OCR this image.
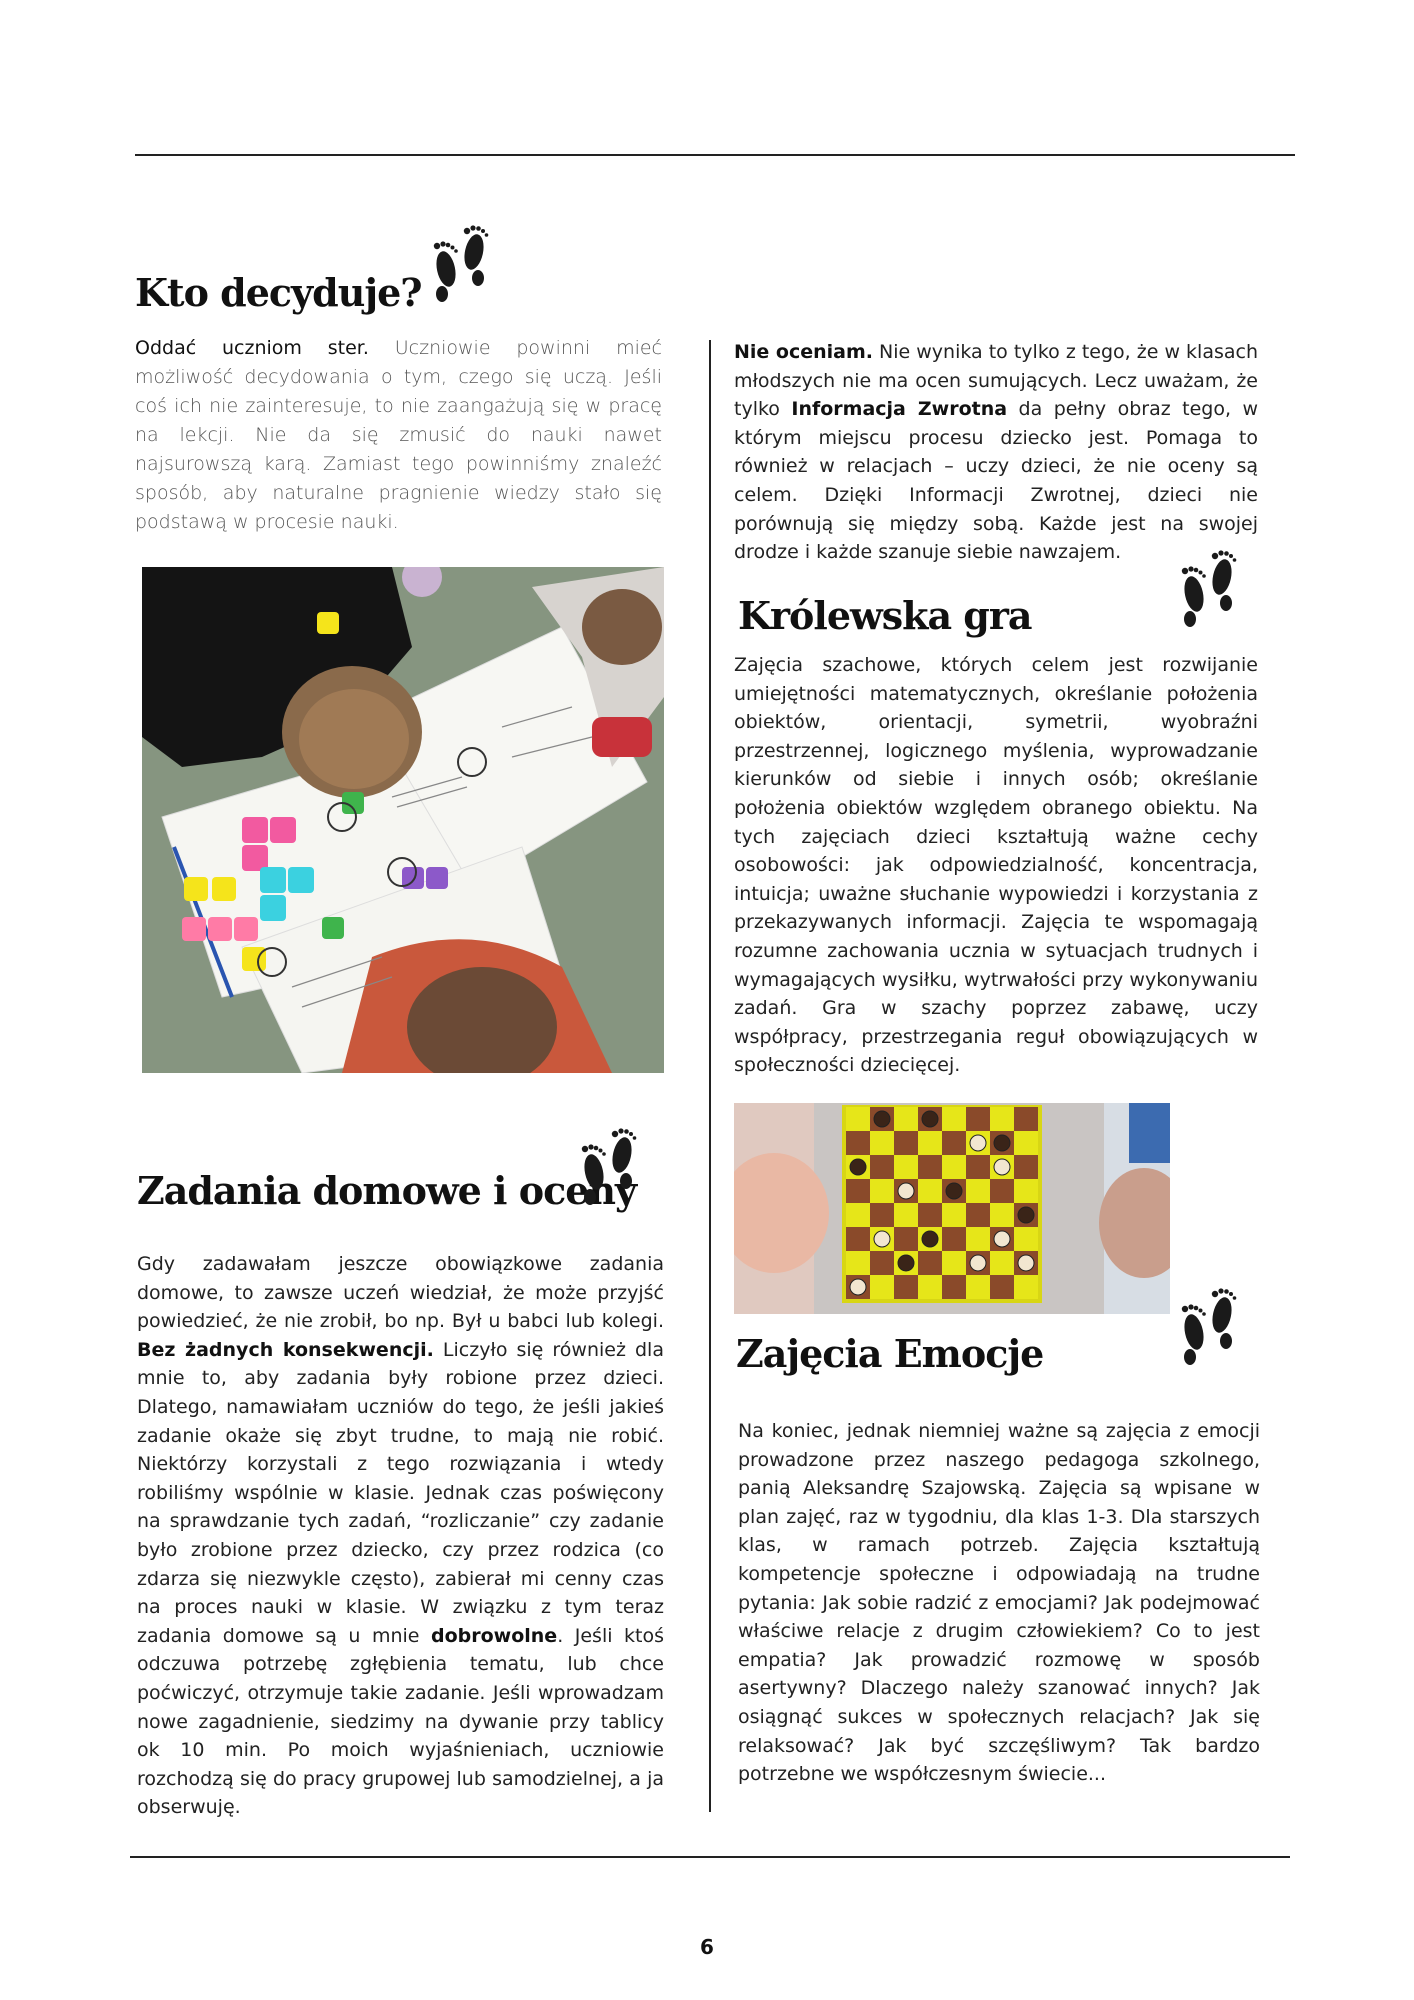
Kto decyduje?

Oddać uczniom ster. Uczniowie powinni mieć możliwość decydowania o tym, czego się uczą. Jeśli coś ich nie zainteresuje, to nie zaangażują się w pracę na lekcji. Nie da się zmusić do nauki nawet najsurowszą karą. Zamiast tego powinniśmy znaleźć sposób, aby naturalne pragnienie wiedzy stało się podstawą w procesie nauki.

Nie oceniam. Nie wynika to tylko z tego, że w klasach młodszych nie ma ocen sumujących. Lecz uważam, że tylko Informacja Zwrotna da pełny obraz tego, w którym miejscu procesu dziecko jest. Pomaga to również w relacjach – uczy dzieci, że nie oceny są celem. Dzięki Informacji Zwrotnej, dzieci nie porównują się między sobą. Każde jest na swojej drodze i każde szanuje siebie nawzajem.

Królewska gra

Zajęcia szachowe, których celem jest rozwijanie umiejętności matematycznych, określanie położenia obiektów, orientacji, symetrii, wyobraźni przestrzennej, logicznego myślenia, wyprowadzanie kierunków od siebie i innych osób; określanie położenia obiektów względem obranego obiektu. Na tych zajęciach dzieci kształtują ważne cechy osobowości: jak odpowiedzialność, koncentracja, intuicja; uważne słuchanie wypowiedzi i korzystania z przekazywanych informacji. Zajęcia te wspomagają rozumne zachowania ucznia w sytuacjach trudnych i wymagających wysiłku, wytrwałości przy wykonywaniu zadań. Gra w szachy poprzez zabawę, uczy współpracy, przestrzegania reguł obowiązujących w społeczności dziecięcej.

Zadania domowe i oceny

Gdy zadawałam jeszcze obowiązkowe zadania domowe, to zawsze uczeń wiedział, że może przyjść powiedzieć, że nie zrobił, bo np. Był u babci lub kolegi. Bez żadnych konsekwencji. Liczyło się również dla mnie to, aby zadania były robione przez dzieci. Dlatego, namawiałam uczniów do tego, że jeśli jakieś zadanie okaże się zbyt trudne, to mają nie robić. Niektórzy korzystali z tego rozwiązania i wtedy robiliśmy wspólnie w klasie. Jednak czas poświęcony na sprawdzanie tych zadań, “rozliczanie” czy zadanie było zrobione przez dziecko, czy przez rodzica (co zdarza się niezwykle często), zabierał mi cenny czas na proces nauki w klasie. W związku z tym teraz zadania domowe są u mnie dobrowolne. Jeśli ktoś odczuwa potrzebę zgłębienia tematu, lub chce poćwiczyć, otrzymuje takie zadanie. Jeśli wprowadzam nowe zagadnienie, siedzimy na dywanie przy tablicy ok 10 min. Po moich wyjaśnieniach, uczniowie rozchodzą się do pracy grupowej lub samodzielnej, a ja obserwuję.

Zajęcia Emocje

Na koniec, jednak niemniej ważne są zajęcia z emocji prowadzone przez naszego pedagoga szkolnego, panią Aleksandrę Szajowską. Zajęcia są wpisane w plan zajęć, raz w tygodniu, dla klas 1-3. Dla starszych klas, w ramach potrzeb. Zajęcia kształtują kompetencje społeczne i odpowiadają na trudne pytania: Jak sobie radzić z emocjami? Jak podejmować właściwe relacje z drugim człowiekiem? Co to jest empatia? Jak prowadzić rozmowę w sposób asertywny? Dlaczego należy szanować innych? Jak osiągnąć sukces w społecznych relacjach? Jak się relaksować? Jak być szczęśliwym? Tak bardzo potrzebne we współczesnym świecie...

6
